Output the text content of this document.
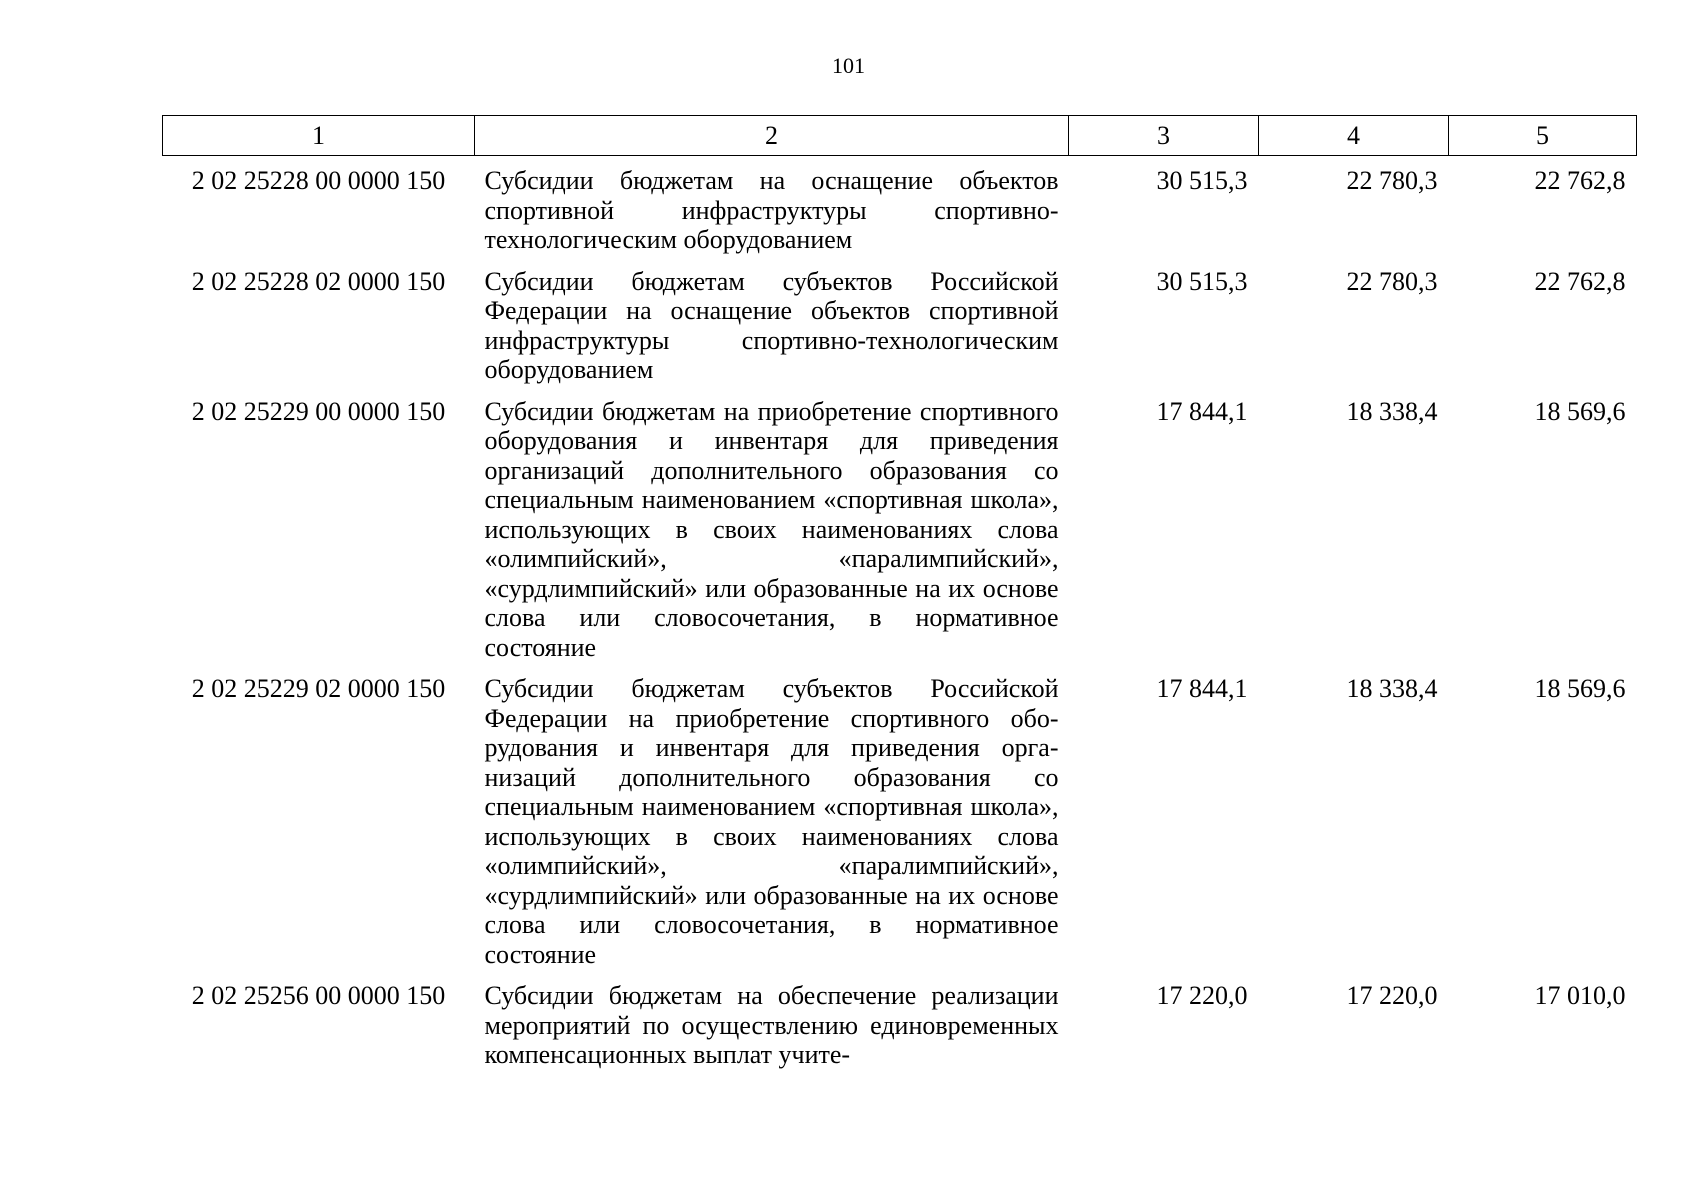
101
1	2	3	4	5
2 02 25228 00 0000 150	Субсидии бюджетам на оснащение объектов спортивной инфраструктуры спортивно-технологическим оборудованием	30 515,3	22 780,3	22 762,8
2 02 25228 02 0000 150	Субсидии бюджетам субъектов Российской Федерации на оснащение объектов спортивной инфраструктуры спортивно-технологическим оборудованием	30 515,3	22 780,3	22 762,8
2 02 25229 00 0000 150	Субсидии бюджетам на приобретение спортивного оборудования и инвентаря для приведения организаций дополнительного образования со специальным наименованием «спортивная школа», использующих в своих наименованиях слова «олимпийский», «паралимпийский», «сурдлимпийский» или образованные на их основе слова или словосочетания, в нормативное состояние	17 844,1	18 338,4	18 569,6
2 02 25229 02 0000 150	Субсидии бюджетам субъектов Российской Федерации на приобретение спортивного оборудования и инвентаря для приведения организаций дополнительного образования со специальным наименованием «спортивная школа», использующих в своих наименованиях слова «олимпийский», «паралимпийский», «сурдлимпийский» или образованные на их основе слова или словосочетания, в нормативное состояние	17 844,1	18 338,4	18 569,6
2 02 25256 00 0000 150	Субсидии бюджетам на обеспечение реализации мероприятий по осуществлению единовременных компенсационных выплат учите-	17 220,0	17 220,0	17 010,0
